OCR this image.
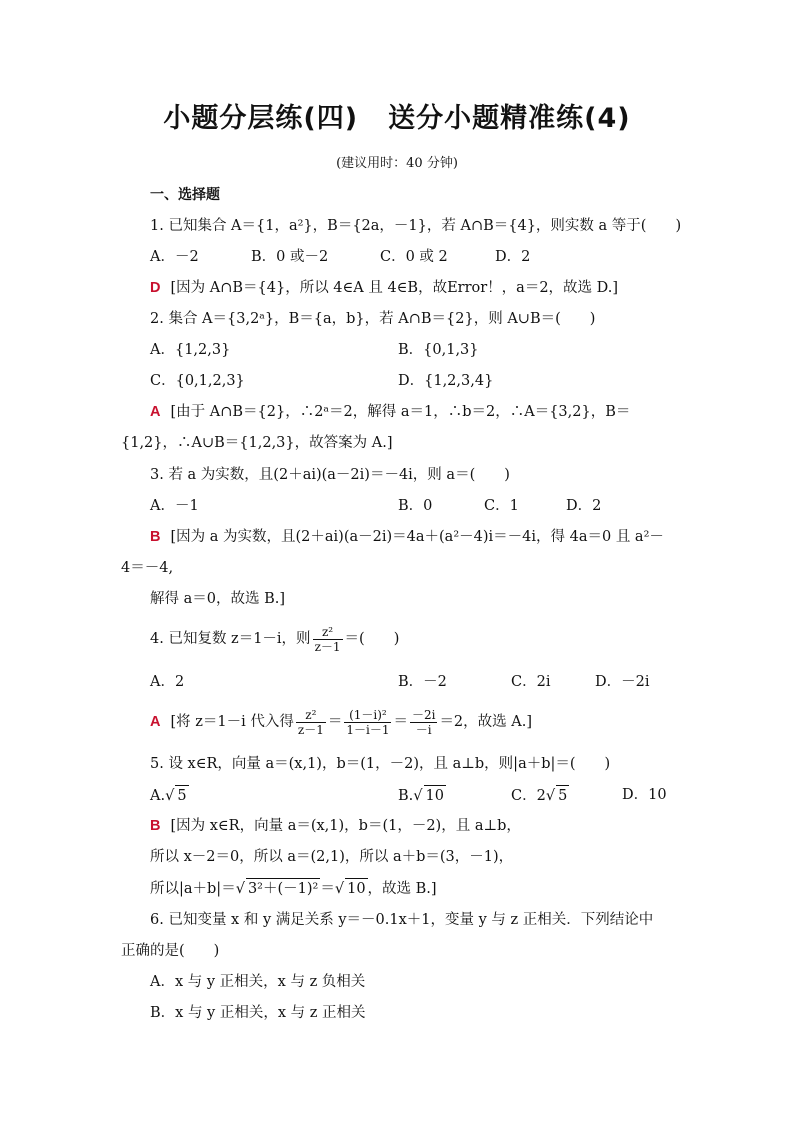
小题分层练(四) 送分小题精准练(4)
(建议用时：40 分钟)
一、选择题
1. 已知集合 A＝{1，a²}，B＝{2a，－1}，若 A∩B＝{4}，则实数 a 等于(　　)
A．－2	B．0 或－2	C．0 或 2	D．2
D [因为 A∩B＝{4}，所以 4∈A 且 4∈B，故Error！，a＝2，故选 D.]
2. 集合 A＝{3,2ᵃ}，B＝{a，b}，若 A∩B＝{2}，则 A∪B＝(　　)
A．{1,2,3}	B．{0,1,3}
C．{0,1,2,3}	D．{1,2,3,4}
A [由于 A∩B＝{2}，∴2ᵃ＝2，解得 a＝1，∴b＝2，∴A＝{3,2}，B＝
{1,2}，∴A∪B＝{1,2,3}，故答案为 A.]
3. 若 a 为实数，且(2＋ai)(a－2i)＝－4i，则 a＝(　　)
A．－1	B．0	C．1	D．2
B [因为 a 为实数，且(2＋ai)(a－2i)＝4a＋(a²－4)i＝－4i，得 4a＝0 且 a²－
4＝－4,
解得 a＝0，故选 B.]
4. 已知复数 z＝1－i，则 $\frac{\text{z²}}{z-1}$ ＝(　　)
A．2	B．－2	C．2i	D．－2i
A [将 z＝1－i 代入得 $\frac{\text{z²}}{z-1} = \frac{\text{(1－i)²}}{1-i-1} = \frac{-2i}{-i} =2$，故选 A.]
5. 设 x∈R，向量 a＝(x,1)，b＝(1，－2)，且 a⊥b，则|a＋b|＝(　　)
A.√ 5	B.√ 10	C．2√ 5	D．10
B [因为 x∈R，向量 a＝(x,1)，b＝(1，－2)，且 a⊥b，
所以 x－2＝0，所以 a＝(2,1)，所以 a＋b＝(3，－1)，
所以|a＋b|＝√ 3²＋(－1)² ＝√ 10 ，故选 B.]
6. 已知变量 x 和 y 满足关系 y＝－0.1x＋1，变量 y 与 z 正相关．下列结论中
正确的是(　　)
A．x 与 y 正相关，x 与 z 负相关
B．x 与 y 正相关，x 与 z 正相关
